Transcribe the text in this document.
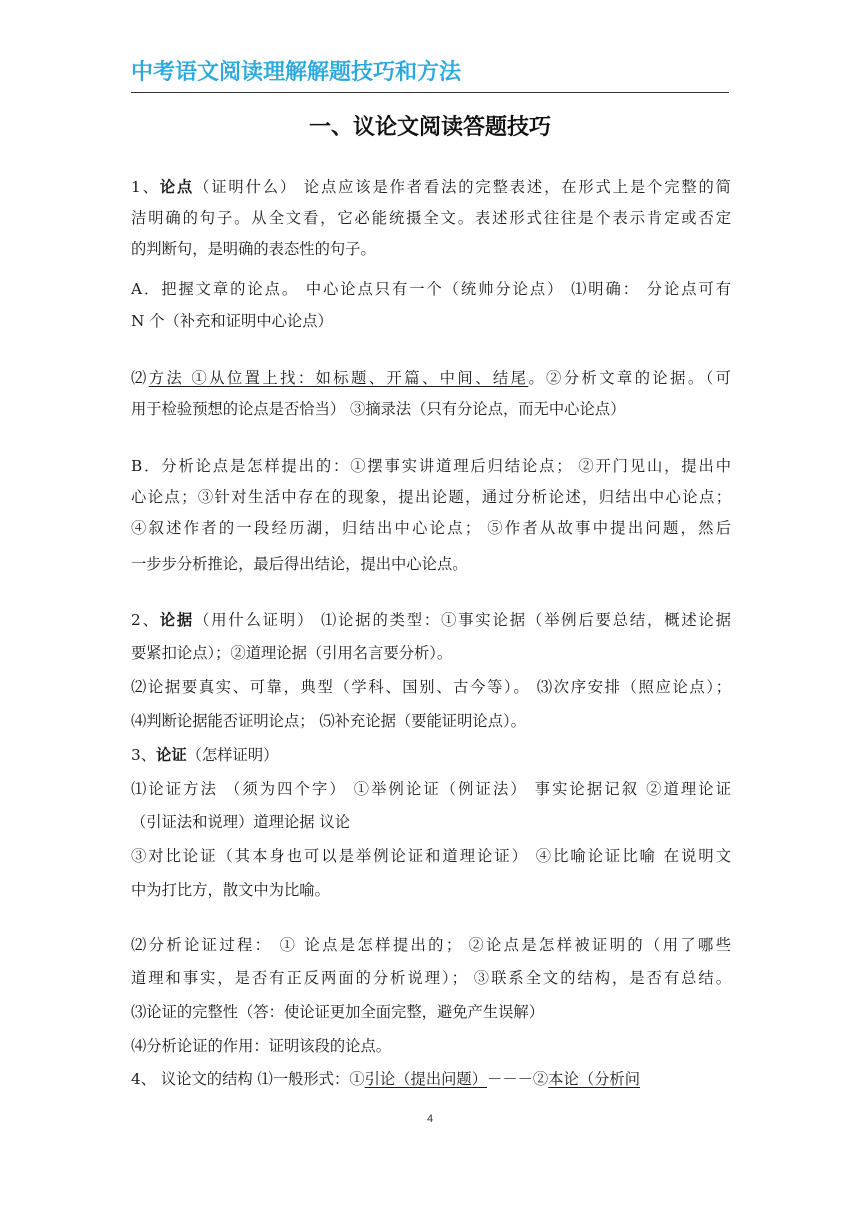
中考语文阅读理解解题技巧和方法
一、议论文阅读答题技巧
1、论点（证明什么） 论点应该是作者看法的完整表述，在形式上是个完整的简
洁明确的句子。从全文看，它必能统摄全文。表述形式往往是个表示肯定或否定
的判断句，是明确的表态性的句子。
A．把握文章的论点。 中心论点只有一个（统帅分论点） ⑴明确： 分论点可有
N 个（补充和证明中心论点）
⑵方法 ①从位置上找：如标题、开篇、中间、结尾。②分析文章的论据。（可
用于检验预想的论点是否恰当） ③摘录法（只有分论点，而无中心论点）
B．分析论点是怎样提出的：①摆事实讲道理后归结论点； ②开门见山，提出中
心论点；③针对生活中存在的现象，提出论题，通过分析论述，归结出中心论点；
④叙述作者的一段经历湖，归结出中心论点； ⑤作者从故事中提出问题，然后
一步步分析推论，最后得出结论，提出中心论点。
2、论据（用什么证明） ⑴论据的类型：①事实论据（举例后要总结，概述论据
要紧扣论点）；②道理论据（引用名言要分析）。
⑵论据要真实、可靠，典型（学科、国别、古今等）。 ⑶次序安排（照应论点）；
⑷判断论据能否证明论点； ⑸补充论据（要能证明论点）。
3、论证（怎样证明）
⑴论证方法 （须为四个字） ①举例论证（例证法） 事实论据记叙 ②道理论证
（引证法和说理）道理论据 议论
③对比论证（其本身也可以是举例论证和道理论证） ④比喻论证比喻 在说明文
中为打比方，散文中为比喻。
⑵分析论证过程： ① 论点是怎样提出的； ②论点是怎样被证明的（用了哪些
道理和事实，是否有正反两面的分析说理）； ③联系全文的结构，是否有总结。
⑶论证的完整性（答：使论证更加全面完整，避免产生误解）
⑷分析论证的作用：证明该段的论点。
4、 议论文的结构 ⑴一般形式：①引论（提出问题）－－－②本论（分析问
4
